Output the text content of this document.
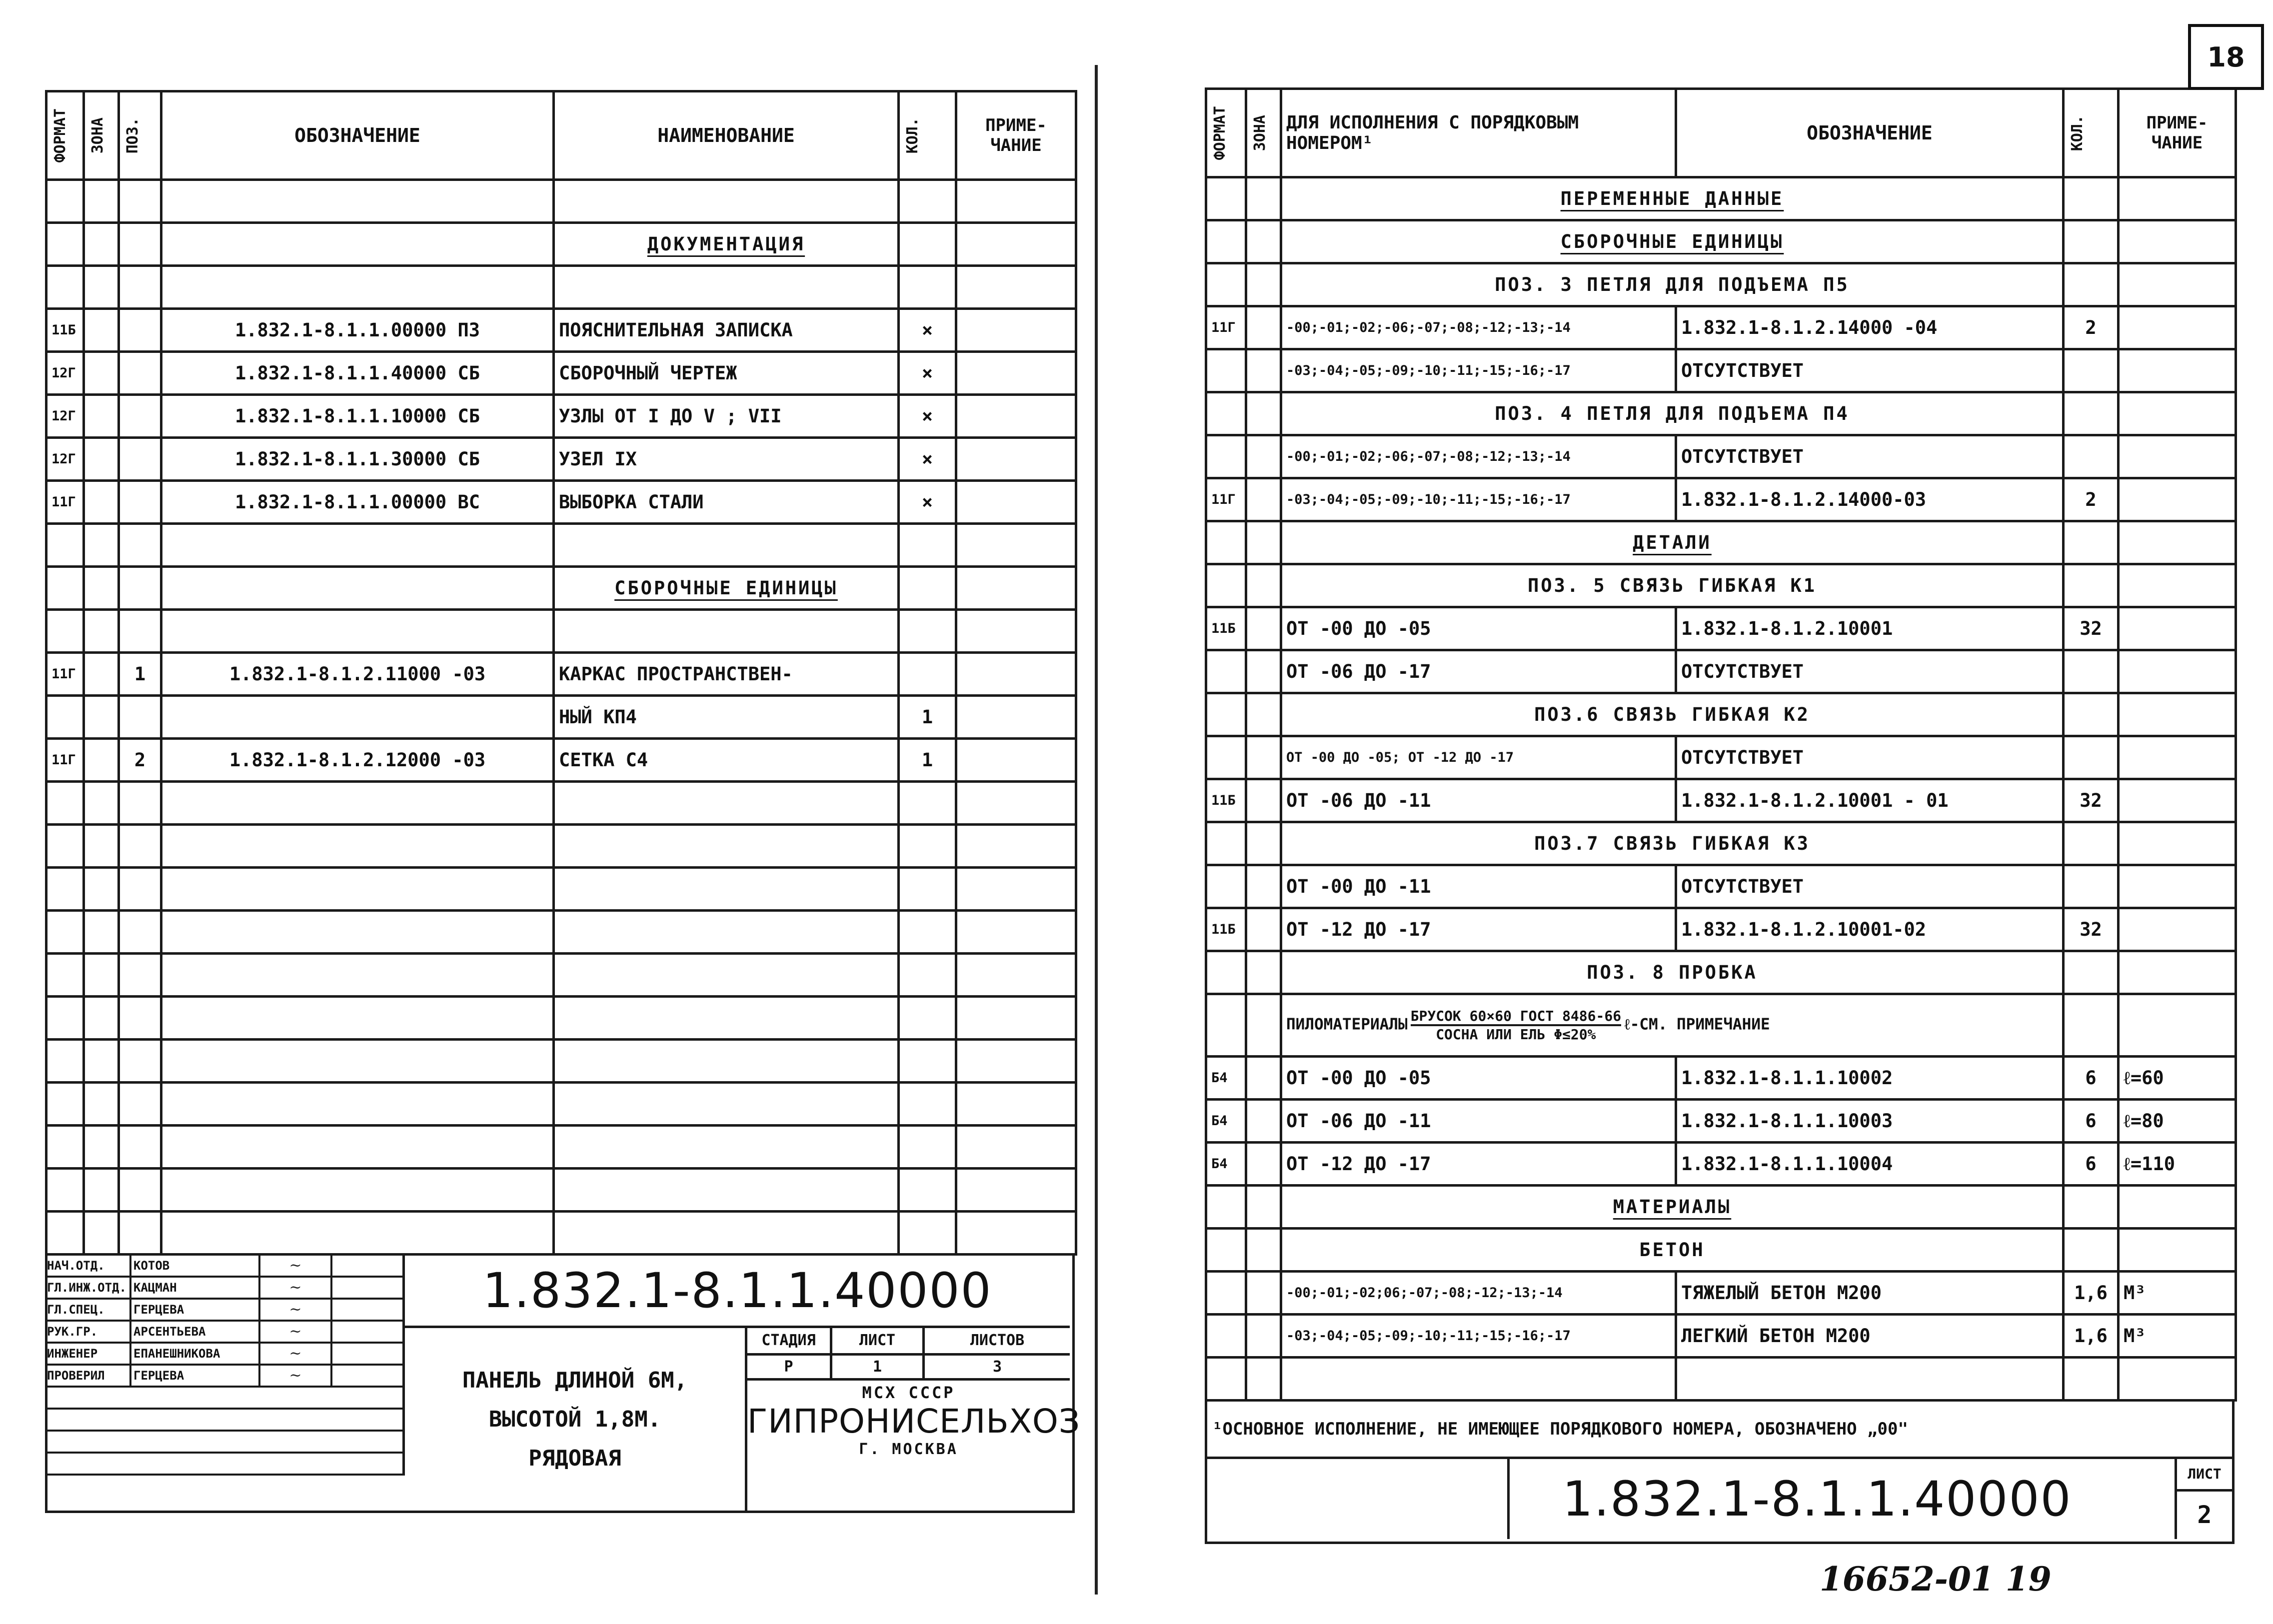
ФОРМАТ	ЗОНА	ПОЗ.	ОБОЗНАЧЕНИЕ	НАИМЕНОВАНИЕ	КОЛ.	ПРИМЕ-ЧАНИЕ

				ДОКУМЕНТАЦИЯ		

11Б			1.832.1-8.1.1.00000 ПЗ	ПОЯСНИТЕЛЬНАЯ ЗАПИСКА	×	
12Г			1.832.1-8.1.1.40000 СБ	СБОРОЧНЫЙ ЧЕРТЕЖ	×	
12Г			1.832.1-8.1.1.10000 СБ	УЗЛЫ ОТ I ДО V ; VII	×	
12Г			1.832.1-8.1.1.30000 СБ	УЗЕЛ IX	×	
11Г			1.832.1-8.1.1.00000 ВС	ВЫБОРКА СТАЛИ	×	

				СБОРОЧНЫЕ ЕДИНИЦЫ		

11Г		1	1.832.1-8.1.2.11000 -03	КАРКАС ПРОСТРАНСТВЕН-		
				НЫЙ КП4	1	
11Г		2	1.832.1-8.1.2.12000 -03	СЕТКА С4	1	

НАЧ.ОТД.	КОТОВ	~
ГЛ.ИНЖ.ОТД. КАЦМАН	~
ГЛ.СПЕЦ.	ГЕРЦЕВА	~
РУК.ГР.	АРСЕНТЬЕВА	~
ИНЖЕНЕР	ЕПАНЕШНИКОВА	~
ПРОВЕРИЛ	ГЕРЦЕВА	~
1.832.1-8.1.1.40000
ПАНЕЛЬ ДЛИНОЙ 6М,
ВЫСОТОЙ 1,8М.
РЯДОВАЯ
СТАДИЯ	ЛИСТ	ЛИСТОВ
Р	1	3
МСХ СССР
ГИПРОНИСЕЛЬХОЗ
Г. МОСКВА
ФОРМАТ	ЗОНА	ДЛЯ ИСПОЛНЕНИЯ С ПОРЯДКОВЫМ НОМЕРОМ¹	ОБОЗНАЧЕНИЕ	КОЛ.	ПРИМЕ-ЧАНИЕ
		ПЕРЕМЕННЫЕ ДАННЫЕ			
		СБОРОЧНЫЕ ЕДИНИЦЫ			
		ПОЗ. 3 ПЕТЛЯ ДЛЯ ПОДЪЕМА П5			
11Г		-00;-01;-02;-06;-07;-08;-12;-13;-14	1.832.1-8.1.2.14000 -04	2	
		-03;-04;-05;-09;-10;-11;-15;-16;-17	ОТСУТСТВУЕТ		
		ПОЗ. 4 ПЕТЛЯ ДЛЯ ПОДЪЕМА П4			
		-00;-01;-02;-06;-07;-08;-12;-13;-14	ОТСУТСТВУЕТ		
11Г		-03;-04;-05;-09;-10;-11;-15;-16;-17	1.832.1-8.1.2.14000-03	2	
		ДЕТАЛИ			
		ПОЗ. 5 СВЯЗЬ ГИБКАЯ К1			
11Б		ОТ -00 ДО -05	1.832.1-8.1.2.10001	32	
		ОТ -06 ДО -17	ОТСУТСТВУЕТ		
		ПОЗ.6 СВЯЗЬ ГИБКАЯ К2			
		ОТ -00 ДО -05; ОТ -12 ДО -17	ОТСУТСТВУЕТ		
11Б		ОТ -06 ДО -11	1.832.1-8.1.2.10001 - 01	32	
		ПОЗ.7 СВЯЗЬ ГИБКАЯ К3			
		ОТ -00 ДО -11	ОТСУТСТВУЕТ		
11Б		ОТ -12 ДО -17	1.832.1-8.1.2.10001-02	32	
		ПОЗ. 8 ПРОБКА			
		ПИЛОМАТЕРИАЛЫ БРУСОК 60×60 ГОСТ 8486-66
СОСНА ИЛИ ЕЛЬ Φ≤20%
ℓ-СМ. ПРИМЕЧАНИЕ			
Б4		ОТ -00 ДО -05	1.832.1-8.1.1.10002	6	ℓ=60
Б4		ОТ -06 ДО -11	1.832.1-8.1.1.10003	6	ℓ=80
Б4		ОТ -12 ДО -17	1.832.1-8.1.1.10004	6	ℓ=110
		МАТЕРИАЛЫ			
		БЕТОН			
		-00;-01;-02;06;-07;-08;-12;-13;-14	ТЯЖЕЛЫЙ БЕТОН М200	1,6	М³
		-03;-04;-05;-09;-10;-11;-15;-16;-17	ЛЕГКИЙ БЕТОН М200	1,6	М³

¹ОСНОВНОЕ ИСПОЛНЕНИЕ, НЕ ИМЕЮЩЕЕ ПОРЯДКОВОГО НОМЕРА, ОБОЗНАЧЕНО „00"
1.832.1-8.1.1.40000	ЛИСТ
2
18
16652-01 19
